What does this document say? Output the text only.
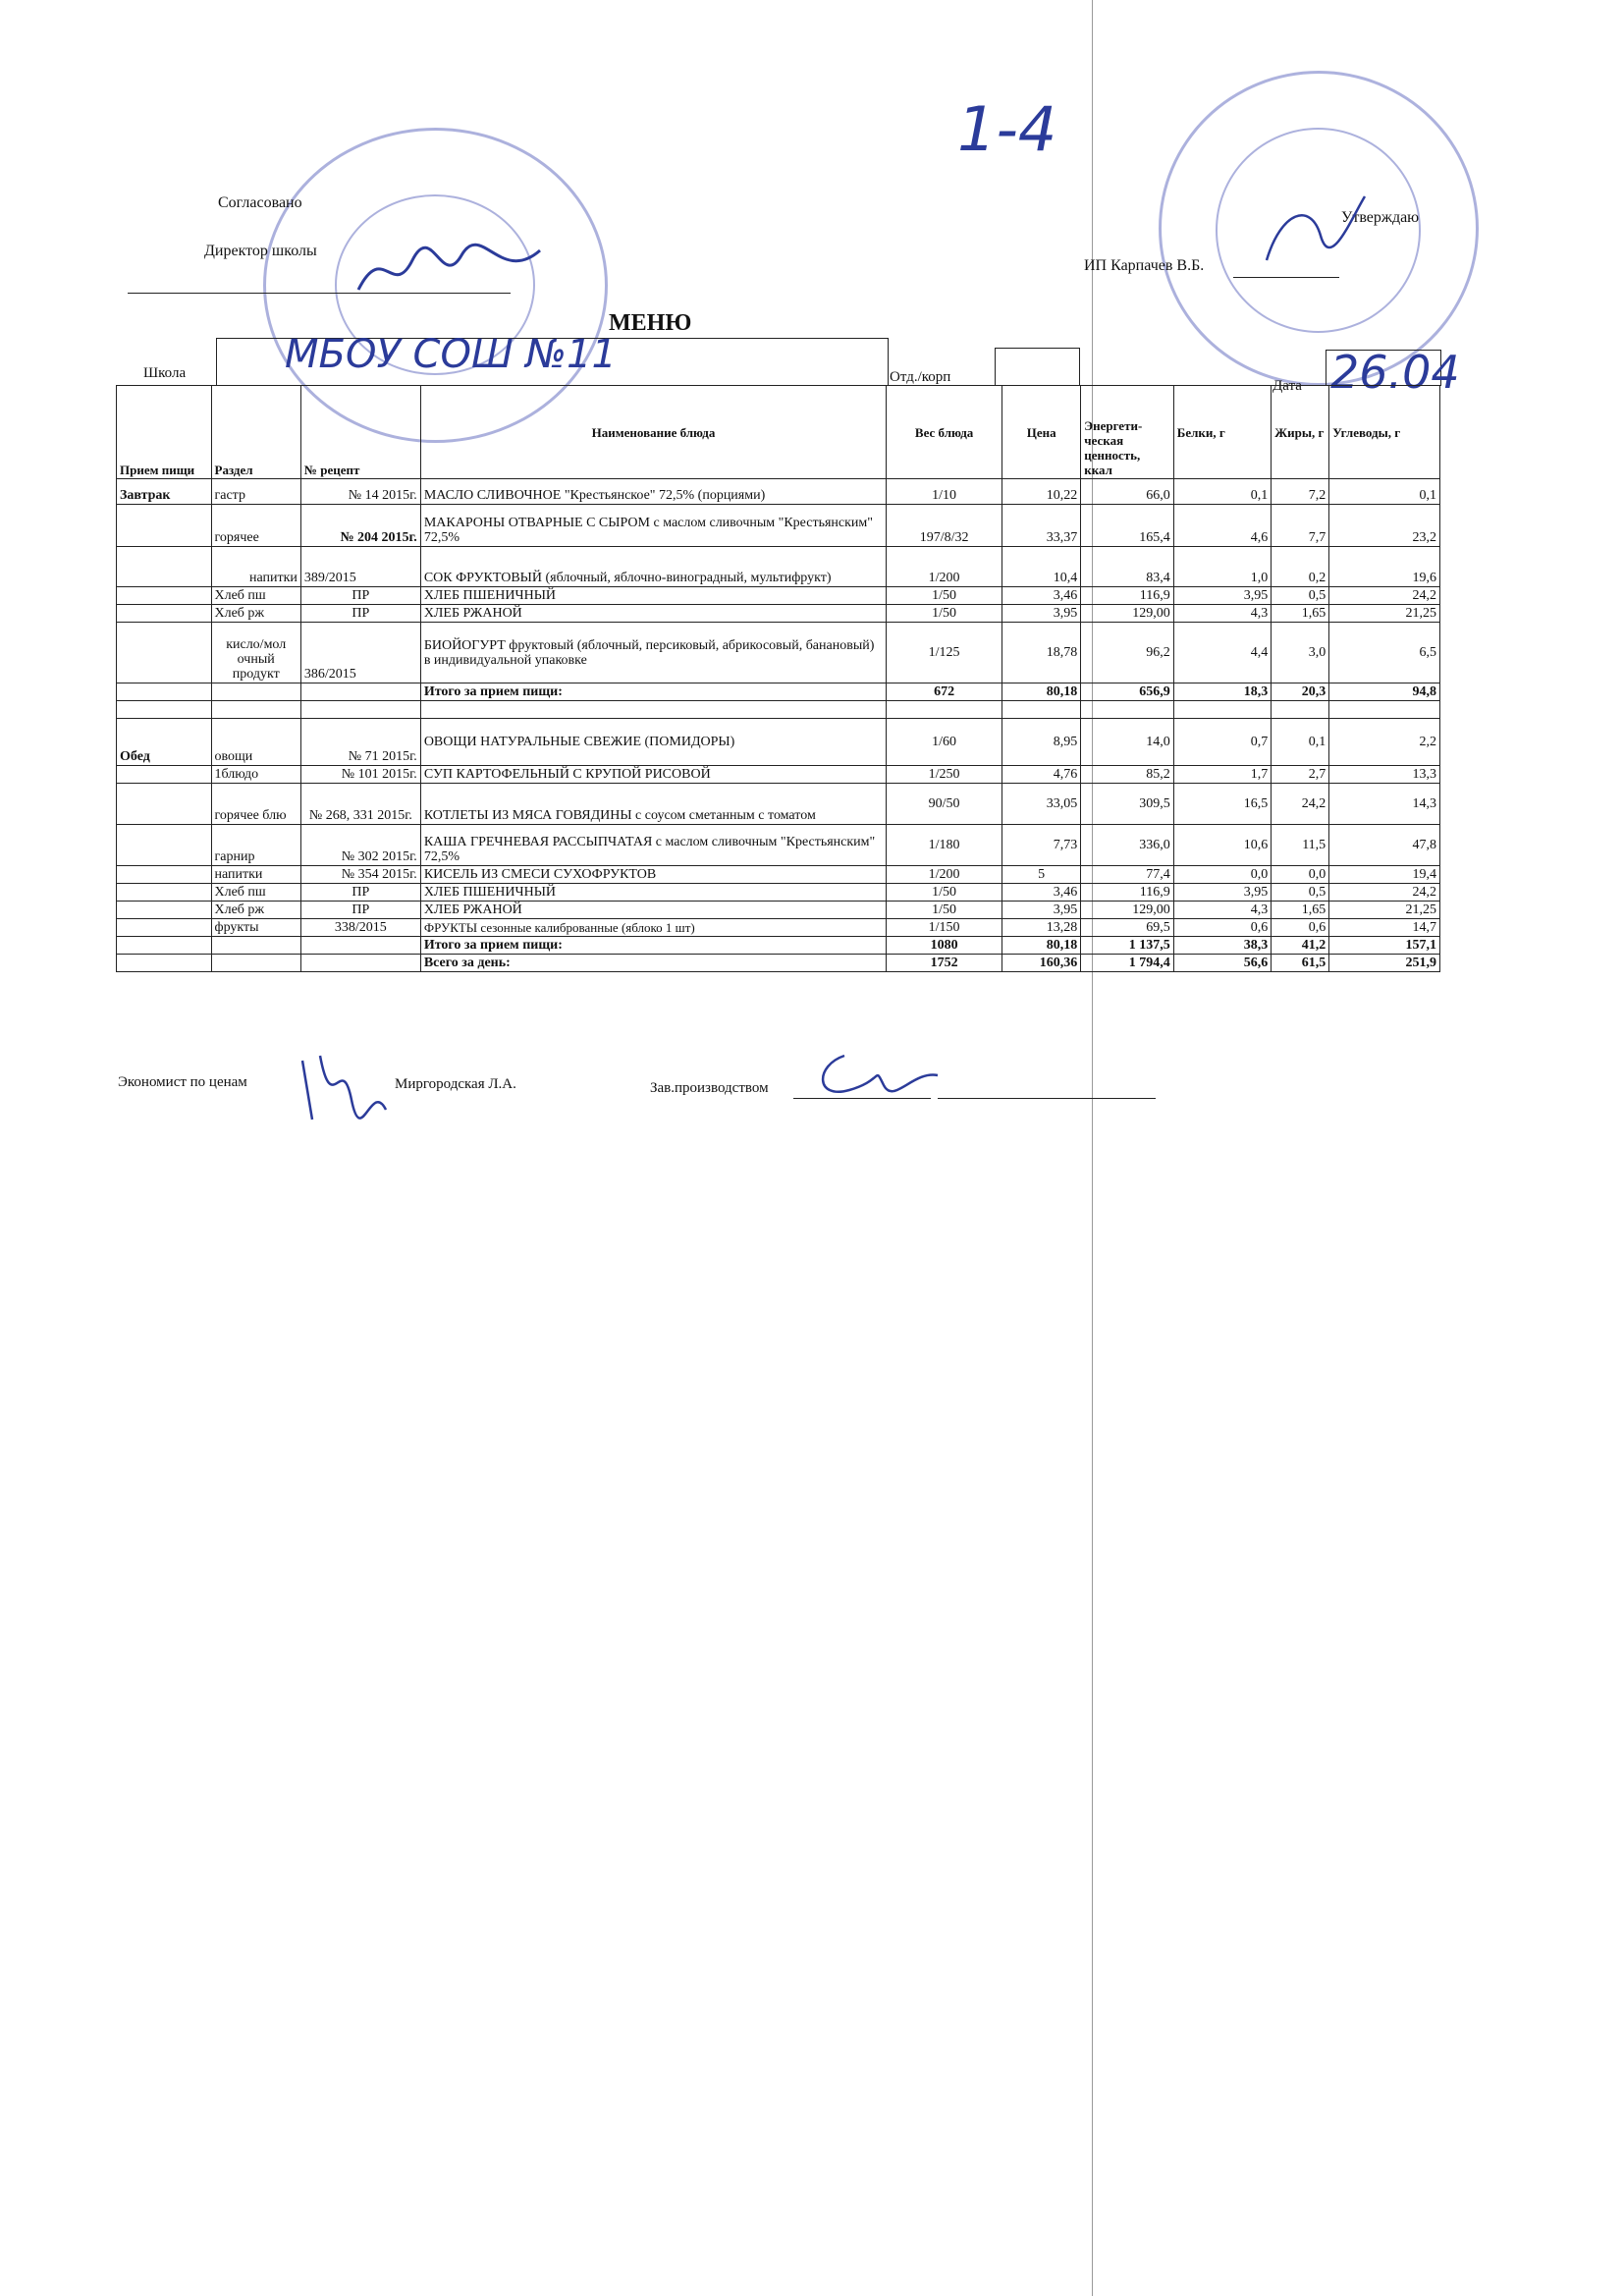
1-4
Согласовано
Директор школы
Утверждаю
ИП Карпачев В.Б.
МЕНЮ
Школа	МБОУ СОШ №11	Отд./корп
Дата 26.04
Прием пищи	Раздел	№ рецепт	Наименование блюда	Вес блюда	Цена	Энергети-ческая ценность, ккал	Белки, г	Жиры, г	Углеводы, г
Завтрак	гастр	№ 14 2015г.	МАСЛО СЛИВОЧНОЕ "Крестьянское" 72,5% (порциями)	1/10	10,22	66,0	0,1	7,2	0,1
	горячее	№ 204 2015г.	МАКАРОНЫ ОТВАРНЫЕ С СЫРОМ с маслом сливочным "Крестьянским" 72,5%	197/8/32	33,37	165,4	4,6	7,7	23,2
	напитки	389/2015	СОК ФРУКТОВЫЙ (яблочный, яблочно-виноградный, мультифрукт)	1/200	10,4	83,4	1,0	0,2	19,6
	Хлеб пш	ПР	ХЛЕБ ПШЕНИЧНЫЙ	1/50	3,46	116,9	3,95	0,5	24,2
	Хлеб рж	ПР	ХЛЕБ РЖАНОЙ	1/50	3,95	129,00	4,3	1,65	21,25
	кисло/мол очный продукт	386/2015	БИОЙОГУРТ фруктовый (яблочный, персиковый, абрикосовый, банановый) в индивидуальной упаковке	1/125	18,78	96,2	4,4	3,0	6,5
			Итого за прием пищи:	672	80,18	656,9	18,3	20,3	94,8

Обед	овощи	№ 71 2015г.	ОВОЩИ НАТУРАЛЬНЫЕ СВЕЖИЕ (ПОМИДОРЫ)	1/60	8,95	14,0	0,7	0,1	2,2
	1блюдо	№ 101 2015г.	СУП КАРТОФЕЛЬНЫЙ С КРУПОЙ РИСОВОЙ	1/250	4,76	85,2	1,7	2,7	13,3
	горячее блю	№ 268, 331 2015г.	КОТЛЕТЫ ИЗ МЯСА ГОВЯДИНЫ с соусом сметанным с томатом	90/50	33,05	309,5	16,5	24,2	14,3
	гарнир	№ 302 2015г.	КАША ГРЕЧНЕВАЯ РАССЫПЧАТАЯ с маслом сливочным "Крестьянским" 72,5%	1/180	7,73	336,0	10,6	11,5	47,8
	напитки	№ 354 2015г.	КИСЕЛЬ ИЗ СМЕСИ СУХОФРУКТОВ	1/200	5	77,4	0,0	0,0	19,4
	Хлеб пш	ПР	ХЛЕБ ПШЕНИЧНЫЙ	1/50	3,46	116,9	3,95	0,5	24,2
	Хлеб рж	ПР	ХЛЕБ РЖАНОЙ	1/50	3,95	129,00	4,3	1,65	21,25
	фрукты	338/2015	ФРУКТЫ сезонные калиброванные (яблоко 1 шт)	1/150	13,28	69,5	0,6	0,6	14,7
			Итого за прием пищи:	1080	80,18	1 137,5	38,3	41,2	157,1
			Всего за день:	1752	160,36	1 794,4	56,6	61,5	251,9
Экономист по ценам	Миргородская Л.А.	Зав.производством
